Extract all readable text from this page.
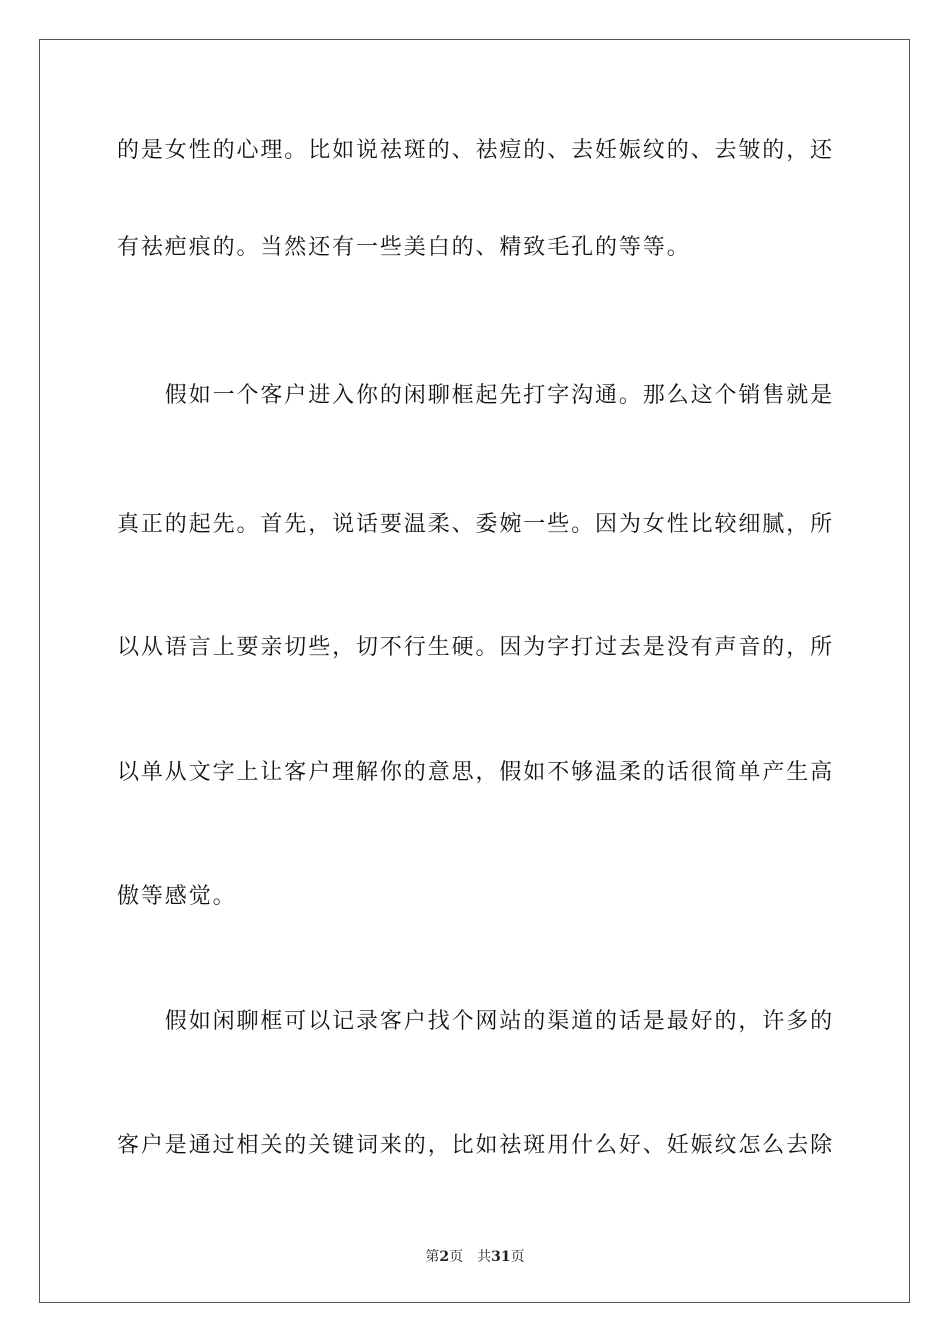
的是女性的心理。比如说祛斑的、祛痘的、去妊娠纹的、去皱的，还
有祛疤痕的。当然还有一些美白的、精致毛孔的等等。
　　假如一个客户进入你的闲聊框起先打字沟通。那么这个销售就是
真正的起先。首先，说话要温柔、委婉一些。因为女性比较细腻，所
以从语言上要亲切些，切不行生硬。因为字打过去是没有声音的，所
以单从文字上让客户理解你的意思，假如不够温柔的话很简单产生高
傲等感觉。
　　假如闲聊框可以记录客户找个网站的渠道的话是最好的，许多的
客户是通过相关的关键词来的，比如祛斑用什么好、妊娠纹怎么去除
第2页 共31页
